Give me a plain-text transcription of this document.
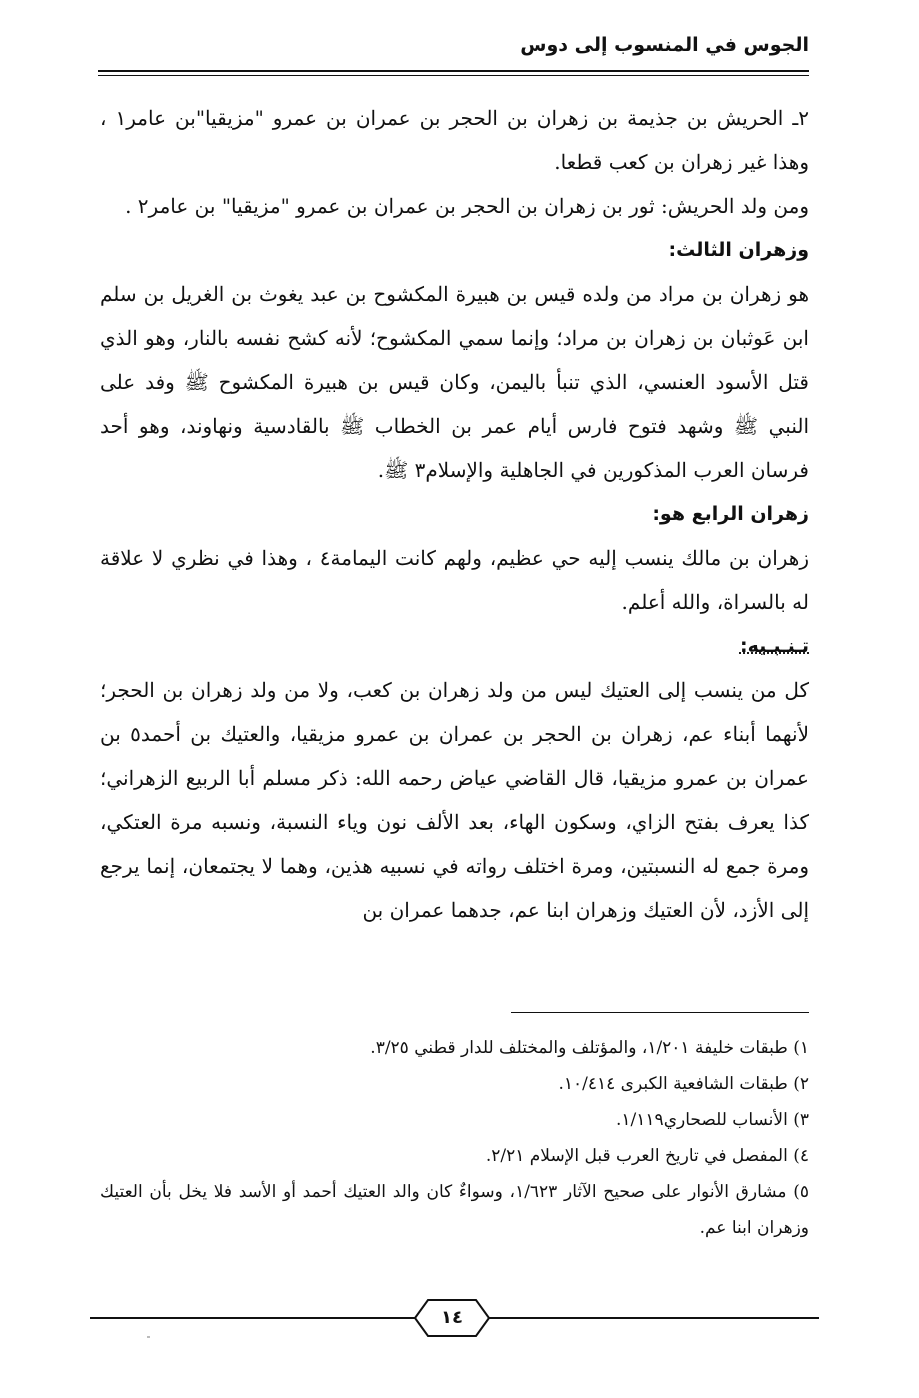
الجوس في المنسوب إلى دوس

٢ـ الحريش بن جذيمة بن زهران بن الحجر بن عمران بن عمرو "مزيقيا"بن عامر١ ، وهذا غير زهران بن كعب قطعا.

ومن ولد الحريش: ثور بن زهران بن الحجر بن عمران بن عمرو "مزيقيا" بن عامر٢ .

وزهران الثالث:

هو زهران بن مراد من ولده قيس بن هبيرة المكشوح بن عبد يغوث بن الغريل بن سلم ابن عَوثبان بن زهران بن مراد؛ وإنما سمي المكشوح؛ لأنه كشح نفسه بالنار، وهو الذي قتل الأسود العنسي، الذي تنبأ باليمن، وكان قيس بن هبيرة المكشوح ﷺ وفد على النبي ﷺ وشهد فتوح فارس أيام عمر بن الخطاب ﷺ بالقادسية ونهاوند، وهو أحد فرسان العرب المذكورين في الجاهلية والإسلام٣ ﷺ.

زهران الرابع هو:

زهران بن مالك ينسب إليه حي عظيم، ولهم كانت اليمامة٤ ، وهذا في نظري لا علاقة له بالسراة، والله أعلم.

تـنـبـيه:

كل من ينسب إلى العتيك ليس من ولد زهران بن كعب، ولا من ولد زهران بن الحجر؛ لأنهما أبناء عم، زهران بن الحجر بن عمران بن عمرو مزيقيا، والعتيك بن أحمد٥ بن عمران بن عمرو مزيقيا، قال القاضي عياض رحمه الله: ذكر مسلم أبا الربيع الزهراني؛ كذا يعرف بفتح الزاي، وسكون الهاء، بعد الألف نون وياء النسبة، ونسبه مرة العتكي، ومرة جمع له النسبتين، ومرة اختلف رواته في نسبيه هذين، وهما لا يجتمعان، إنما يرجع إلى الأزد، لأن العتيك وزهران ابنا عم، جدهما عمران بن

١) طبقات خليفة ١/٢٠١، والمؤتلف والمختلف للدار قطني ٣/٢٥.

٢) طبقات الشافعية الكبرى ١٠/٤١٤.

٣) الأنساب للصحاري١/١١٩.

٤) المفصل في تاريخ العرب قبل الإسلام ٢/٢١.

٥) مشارق الأنوار على صحيح الآثار ١/٦٢٣، وسواءٌ كان والد العتيك أحمد أو الأسد فلا يخل بأن العتيك وزهران ابنا عم.

١٤
